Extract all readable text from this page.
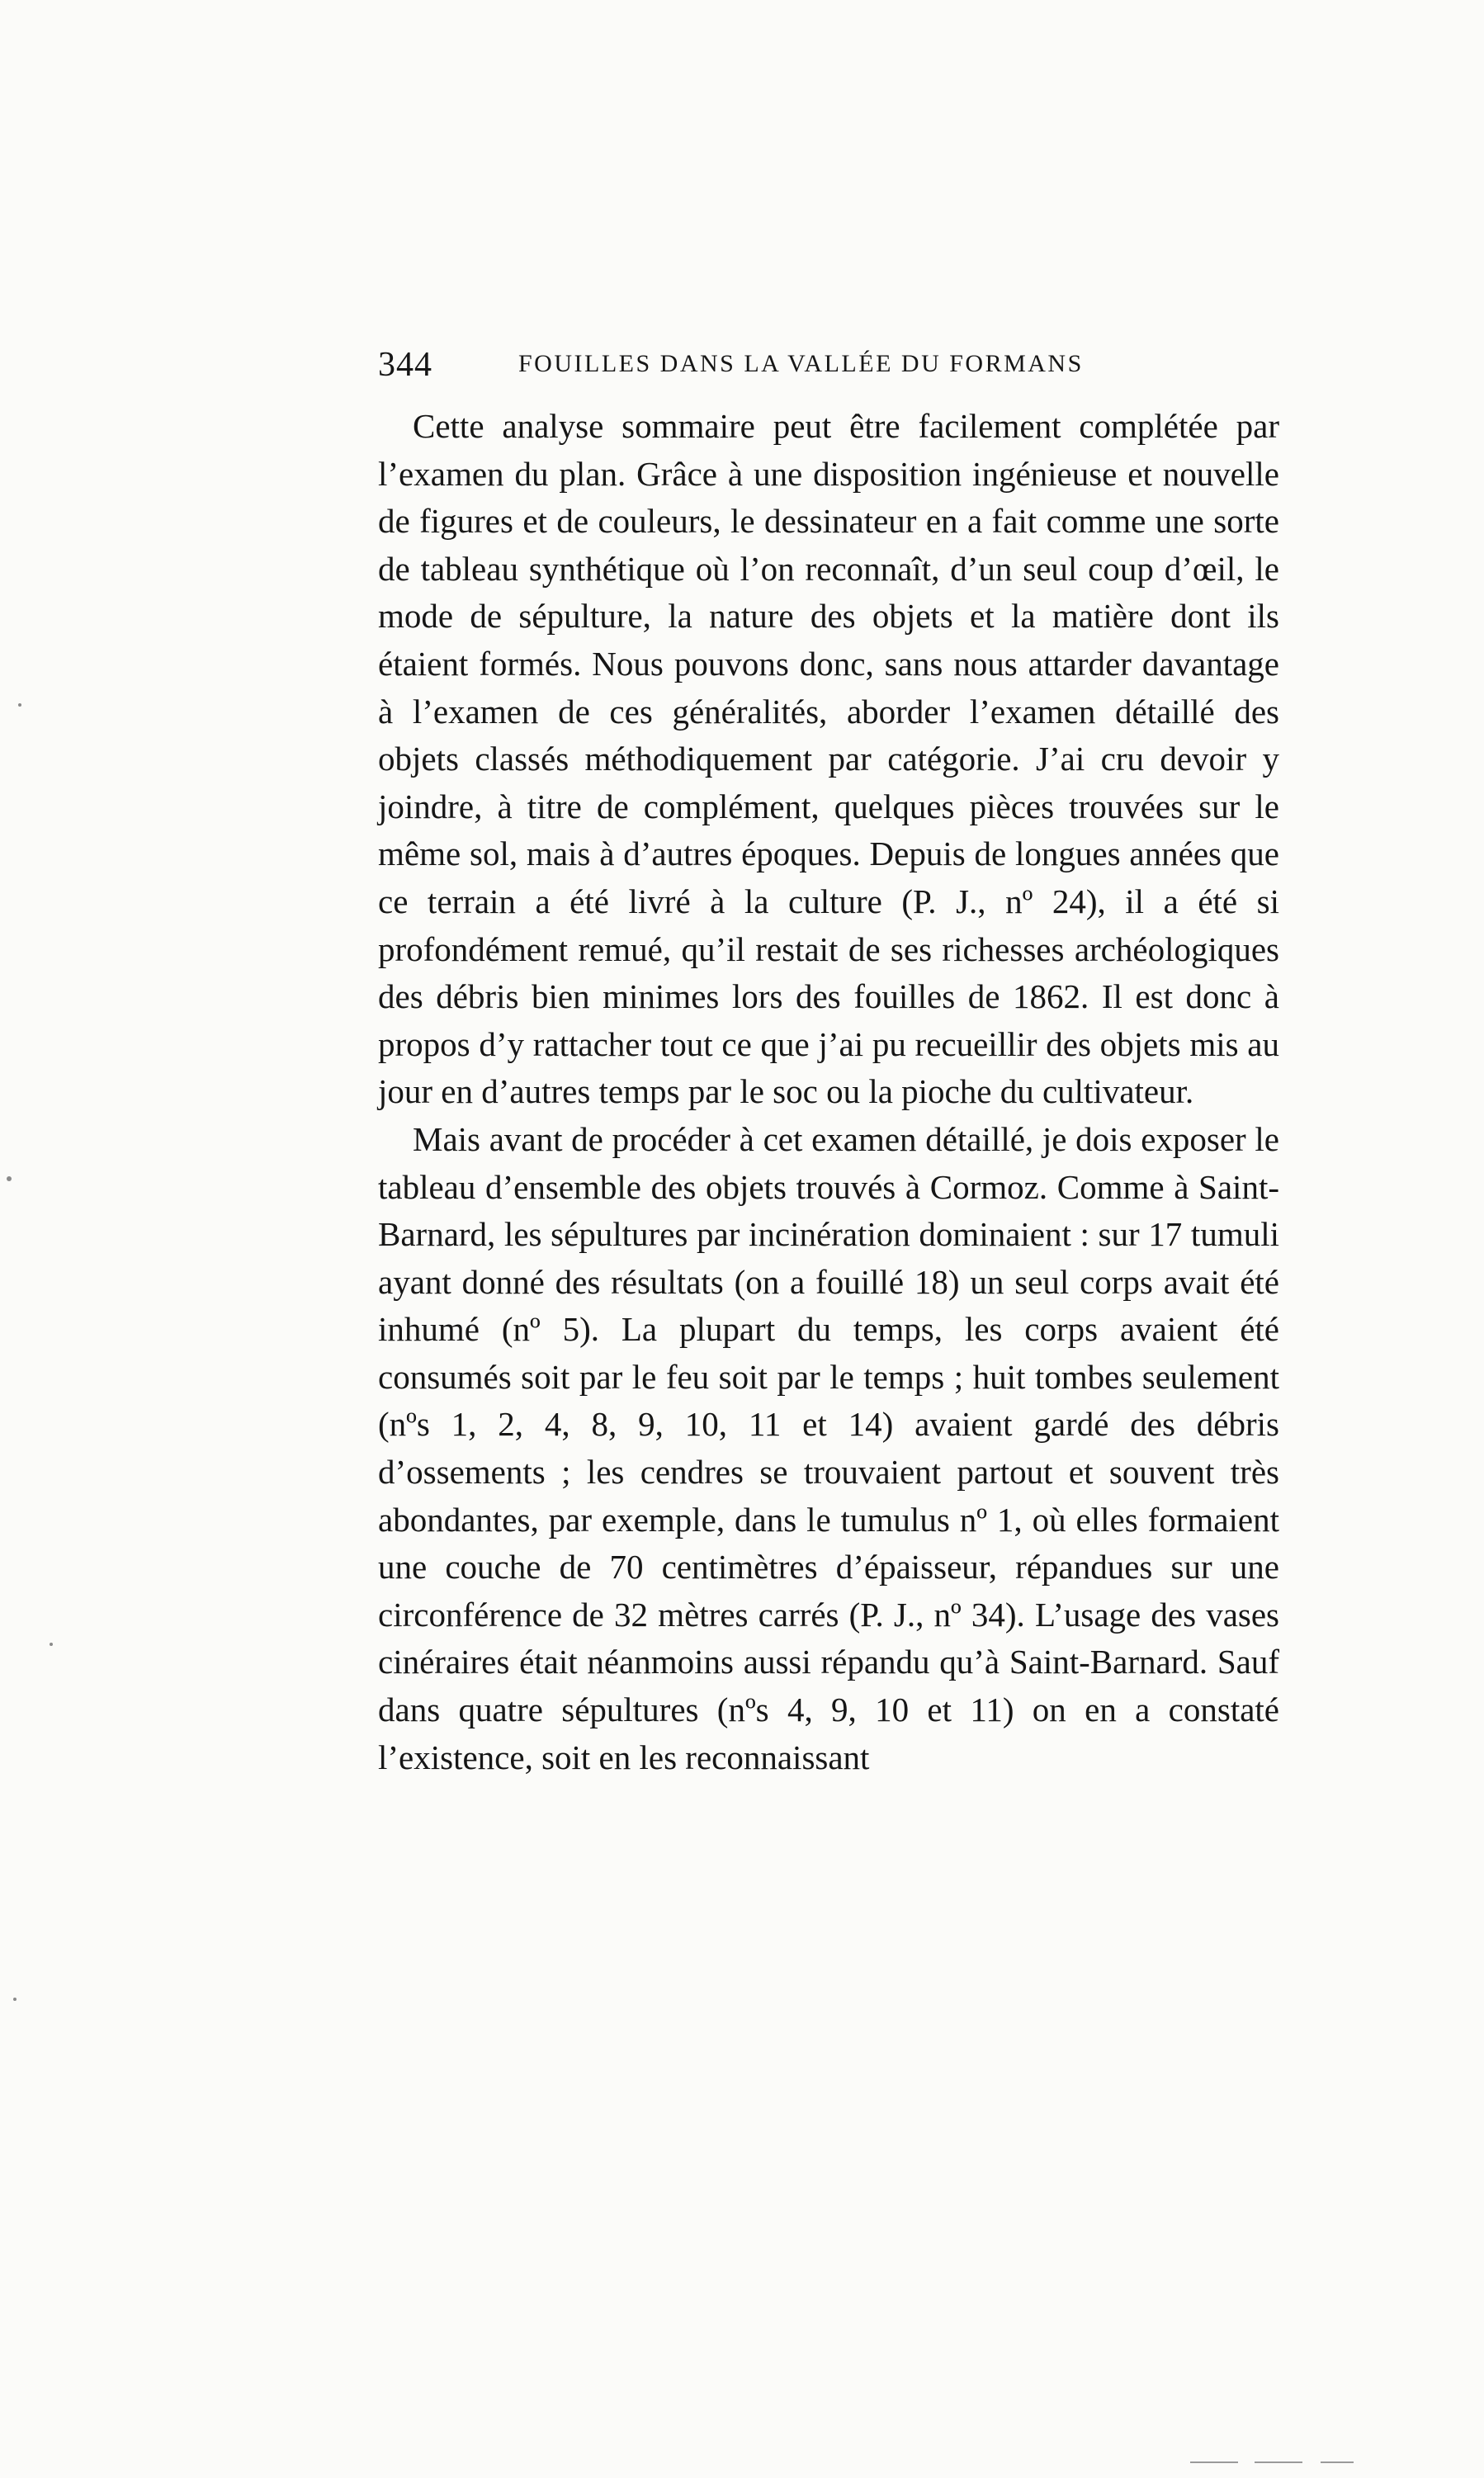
344	FOUILLES DANS LA VALLÉE DU FORMANS

Cette analyse sommaire peut être facilement complétée par l’examen du plan. Grâce à une disposition ingénieuse et nouvelle de figures et de couleurs, le dessinateur en a fait comme une sorte de tableau synthétique où l’on reconnaît, d’un seul coup d’œil, le mode de sépulture, la nature des objets et la matière dont ils étaient formés. Nous pouvons donc, sans nous attarder davantage à l’examen de ces généralités, aborder l’examen détaillé des objets classés méthodiquement par catégorie. J’ai cru devoir y joindre, à titre de complément, quelques pièces trouvées sur le même sol, mais à d’autres époques. Depuis de longues années que ce terrain a été livré à la culture (P. J., nº 24), il a été si profondément remué, qu’il restait de ses richesses archéologiques des débris bien minimes lors des fouilles de 1862. Il est donc à propos d’y rattacher tout ce que j’ai pu recueillir des objets mis au jour en d’autres temps par le soc ou la pioche du cultivateur.

Mais avant de procéder à cet examen détaillé, je dois exposer le tableau d’ensemble des objets trouvés à Cormoz. Comme à Saint-Barnard, les sépultures par incinération dominaient : sur 17 tumuli ayant donné des résultats (on a fouillé 18) un seul corps avait été inhumé (nº 5). La plupart du temps, les corps avaient été consumés soit par le feu soit par le temps ; huit tombes seulement (nºs 1, 2, 4, 8, 9, 10, 11 et 14) avaient gardé des débris d’ossements ; les cendres se trouvaient partout et souvent très abondantes, par exemple, dans le tumulus nº 1, où elles formaient une couche de 70 centimètres d’épaisseur, répandues sur une circonférence de 32 mètres carrés (P. J., nº 34). L’usage des vases cinéraires était néanmoins aussi répandu qu’à Saint-Barnard. Sauf dans quatre sépultures (nºs 4, 9, 10 et 11) on en a constaté l’existence, soit en les reconnaissant
